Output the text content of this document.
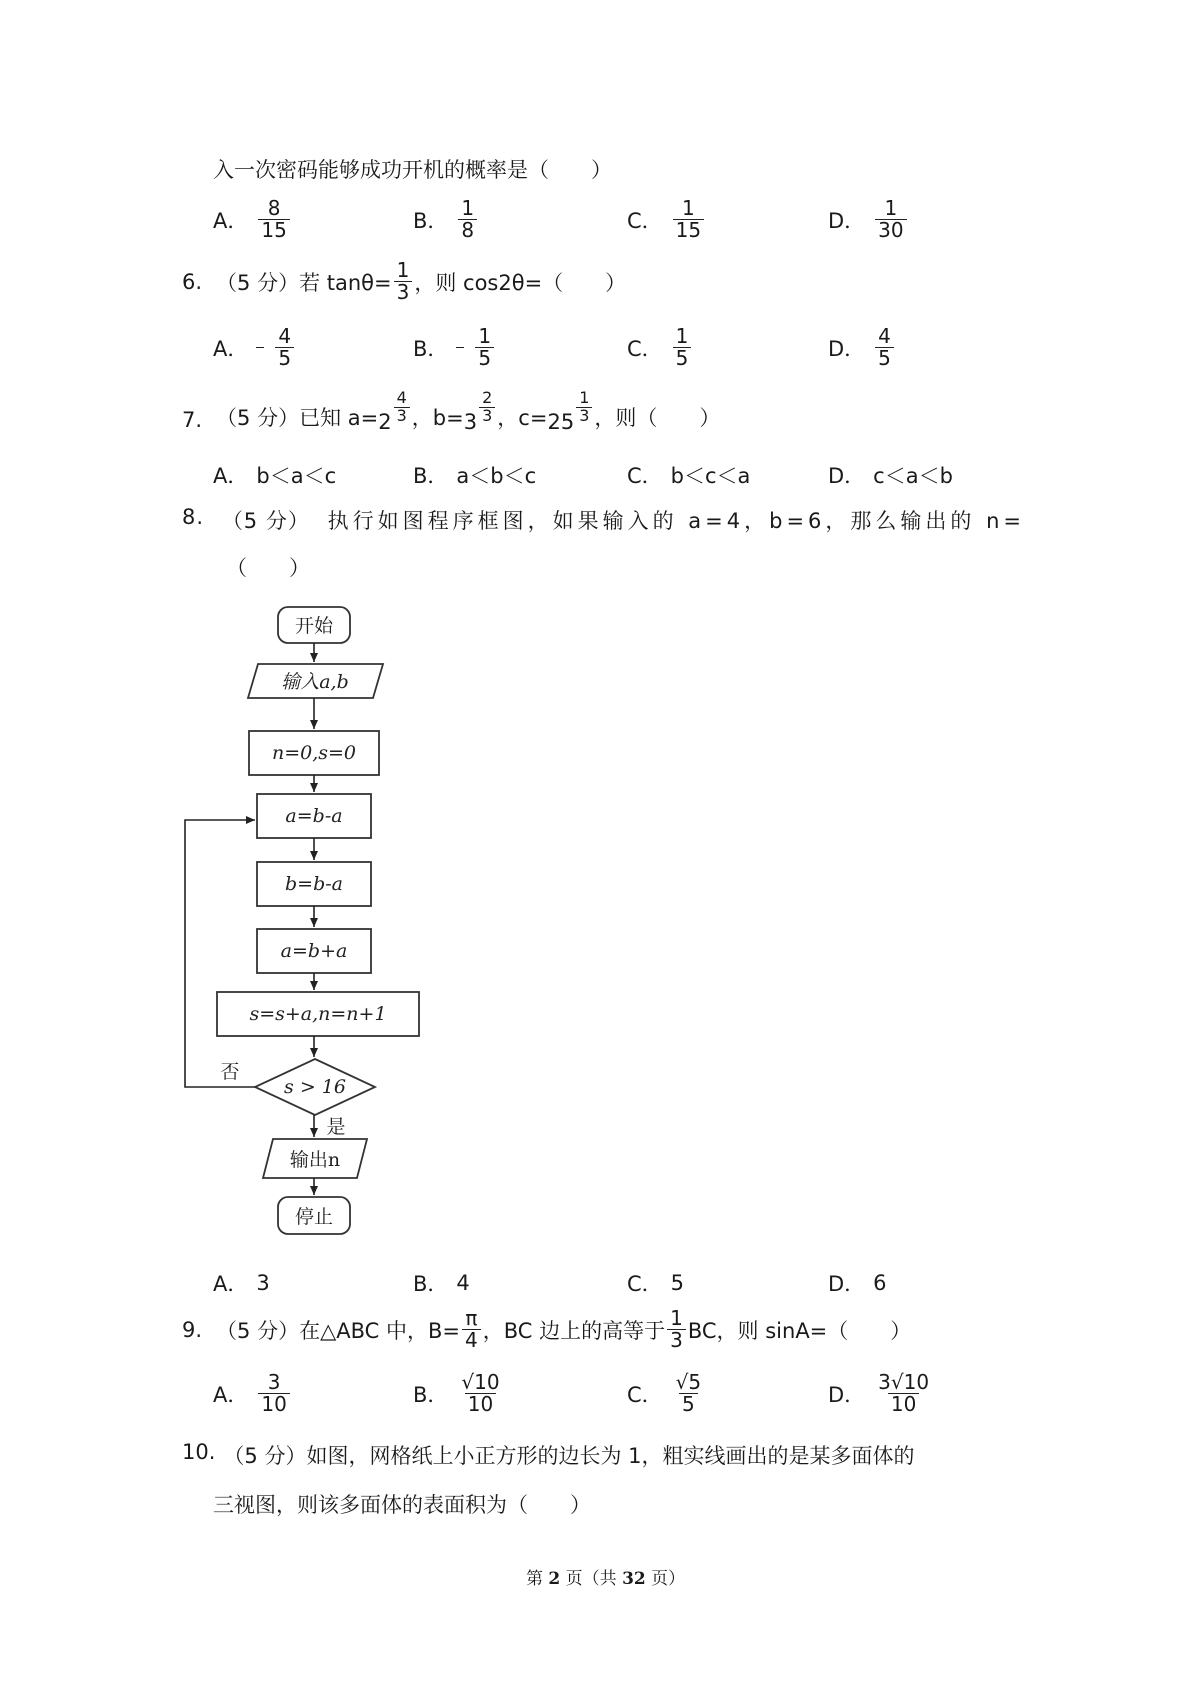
入一次密码能够成功开机的概率是（　　）
A． $\frac{8}{15}$	B． $\frac{1}{8}$	C． $\frac{1}{15}$	D． $\frac{1}{30}$
6. （5 分） 若 $\tan\theta= \frac{1}{3}$ ，则 cos2θ=（　　）
A． $\frac{4}{5}$	B． $\frac{1}{5}$	C． $\frac{1}{5}$	D． $\frac{4}{5}$
7. （5 分） 已知 $a= 2 \frac{4}{3}$ ，$b= 3 \frac{2}{3}$ ，$c= 25 \frac{1}{3}$ ，则（　　）
A． b＜a＜c	B． a＜b＜c	C． b＜c＜a	D． c＜a＜b
8. （5 分） 执行如图程序框图，如果输入的 a=4，b=6，那么输出的 n=
（　　）
开始
输入a,b
n=0,s=0
a=b-a
b=b-a
a=b+a
s=s+a,n=n+1
s > 16
否
是
输出n
停止
A． 3	B． 4	C． 5	D． 6
9. （5 分） 在△ABC 中，$B= \frac{\pi}{4}$ ，BC 边上的高等于 $\frac{1}{3}$ BC，则 sinA=（　　）
A． $\frac{3}{10}$	B． $\frac{√10}{10}$	C． $\frac{√5}{5}$	D． $\frac{3√10}{10}$
10. （5 分） 如图，网格纸上小正方形的边长为 1，粗实线画出的是某多面体的
三视图，则该多面体的表面积为（　　）
第 2 页（共 32 页）
